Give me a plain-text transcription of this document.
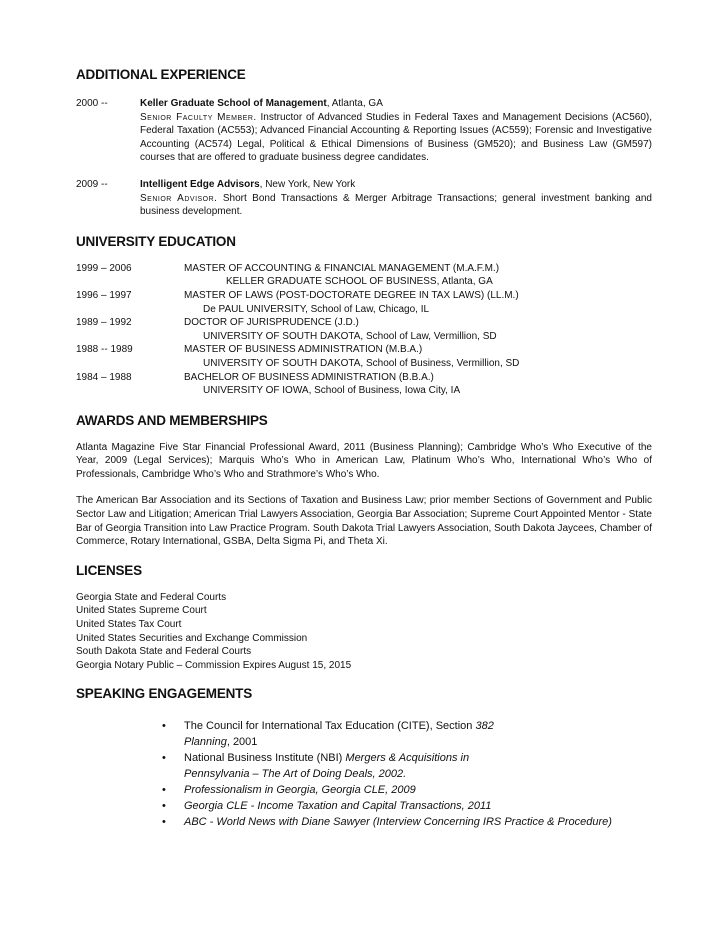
ADDITIONAL EXPERIENCE
2000 --	Keller Graduate School of Management, Atlanta, GA
Senior Faculty Member. Instructor of Advanced Studies in Federal Taxes and Management Decisions (AC560), Federal Taxation (AC553); Advanced Financial Accounting & Reporting Issues (AC559); Forensic and Investigative Accounting (AC574) Legal, Political & Ethical Dimensions of Business (GM520); and Business Law (GM597) courses that are offered to graduate business degree candidates.
2009 --	Intelligent Edge Advisors, New York, New York
Senior Advisor. Short Bond Transactions & Merger Arbitrage Transactions; general investment banking and business development.
UNIVERSITY EDUCATION
1999 – 2006	MASTER OF ACCOUNTING & FINANCIAL MANAGEMENT (M.A.F.M.)
KELLER GRADUATE SCHOOL OF BUSINESS, Atlanta, GA
1996 – 1997	MASTER OF LAWS (POST-DOCTORATE DEGREE IN TAX LAWS) (LL.M.)
De PAUL UNIVERSITY, School of Law, Chicago, IL
1989 – 1992	DOCTOR OF JURISPRUDENCE (J.D.)
UNIVERSITY OF SOUTH DAKOTA, School of Law, Vermillion, SD
1988 -- 1989	MASTER OF BUSINESS ADMINISTRATION (M.B.A.)
UNIVERSITY OF SOUTH DAKOTA, School of Business, Vermillion, SD
1984 – 1988	BACHELOR OF BUSINESS ADMINISTRATION (B.B.A.)
UNIVERSITY OF IOWA, School of Business, Iowa City, IA
AWARDS AND MEMBERSHIPS

Atlanta Magazine Five Star Financial Professional Award, 2011 (Business Planning); Cambridge Who’s Who Executive of the Year, 2009 (Legal Services); Marquis Who’s Who in American Law, Platinum Who’s Who, International Who’s Who of Professionals, Cambridge Who’s Who and Strathmore’s Who’s Who.

The American Bar Association and its Sections of Taxation and Business Law; prior member Sections of Government and Public Sector Law and Litigation; American Trial Lawyers Association, Georgia Bar Association; Supreme Court Appointed Mentor - State Bar of Georgia Transition into Law Practice Program. South Dakota Trial Lawyers Association, South Dakota Jaycees, Chamber of Commerce, Rotary International, GSBA, Delta Sigma Pi, and Theta Xi.

LICENSES
Georgia State and Federal Courts
United States Supreme Court
United States Tax Court
United States Securities and Exchange Commission
South Dakota State and Federal Courts
Georgia Notary Public – Commission Expires August 15, 2015
SPEAKING ENGAGEMENTS
• The Council for International Tax Education (CITE), Section 382 Planning, 2001
• National Business Institute (NBI) Mergers & Acquisitions in Pennsylvania – The Art of Doing Deals, 2002.
• Professionalism in Georgia, Georgia CLE, 2009
• Georgia CLE - Income Taxation and Capital Transactions, 2011
• ABC - World News with Diane Sawyer (Interview Concerning IRS Practice & Procedure)
